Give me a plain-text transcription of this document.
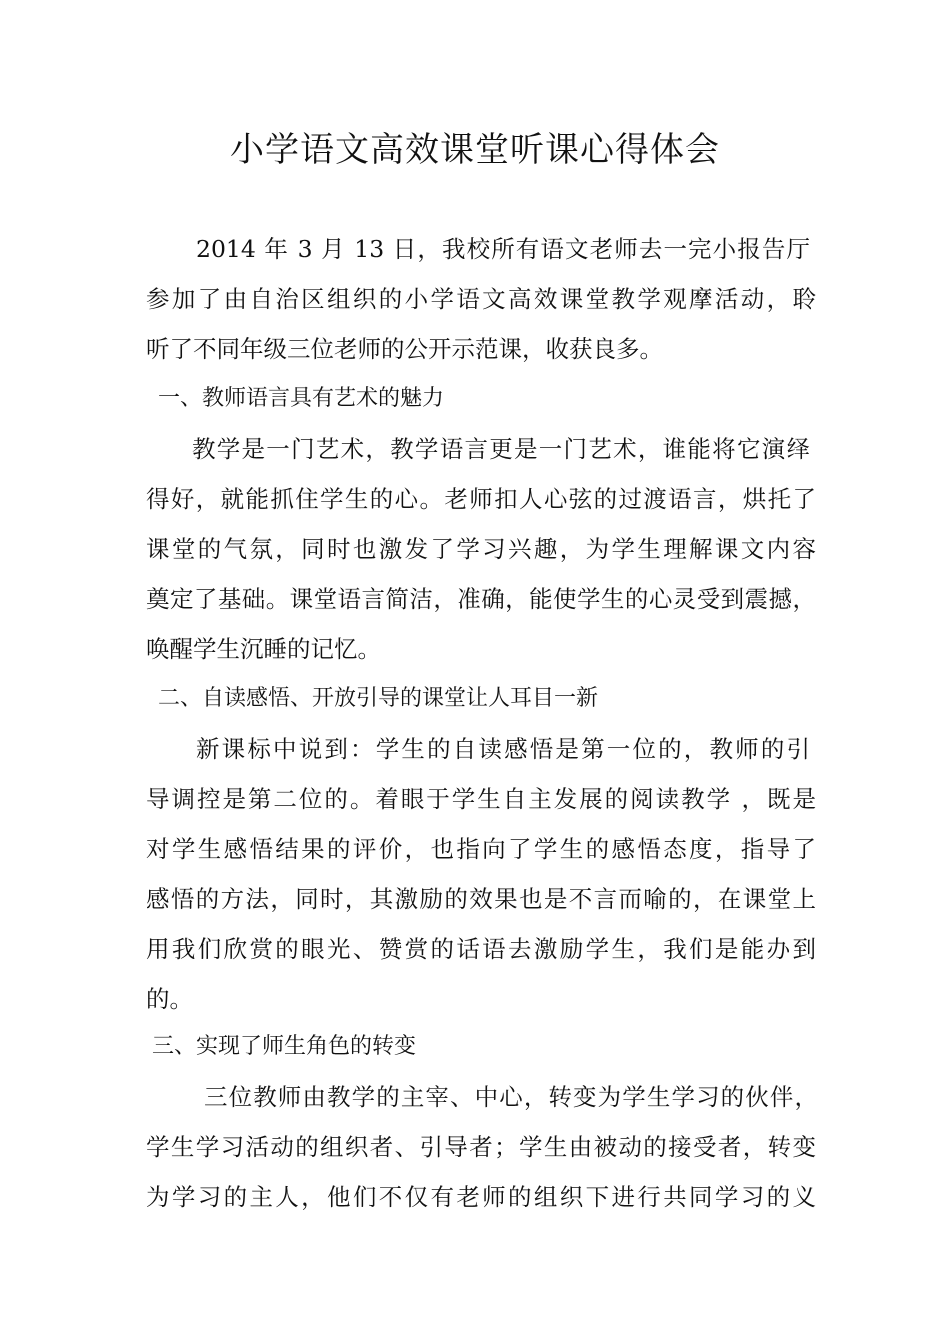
小学语文高效课堂听课心得体会

2014 年 3 月 13 日，我校所有语文老师去一完小报告厅

参加了由自治区组织的小学语文高效课堂教学观摩活动，聆

听了不同年级三位老师的公开示范课，收获良多。

一、教师语言具有艺术的魅力

教学是一门艺术，教学语言更是一门艺术，谁能将它演绎

得好，就能抓住学生的心。老师扣人心弦的过渡语言，烘托了

课堂的气氛，同时也激发了学习兴趣，为学生理解课文内容

奠定了基础。课堂语言简洁，准确，能使学生的心灵受到震撼，

唤醒学生沉睡的记忆。

二、自读感悟、开放引导的课堂让人耳目一新

新课标中说到：学生的自读感悟是第一位的，教师的引

导调控是第二位的。着眼于学生自主发展的阅读教学 ，既是

对学生感悟结果的评价，也指向了学生的感悟态度，指导了

感悟的方法，同时，其激励的效果也是不言而喻的，在课堂上

用我们欣赏的眼光、赞赏的话语去激励学生，我们是能办到

的。

三、实现了师生角色的转变

三位教师由教学的主宰、中心，转变为学生学习的伙伴，

学生学习活动的组织者、引导者；学生由被动的接受者，转变

为学习的主人，他们不仅有老师的组织下进行共同学习的义
